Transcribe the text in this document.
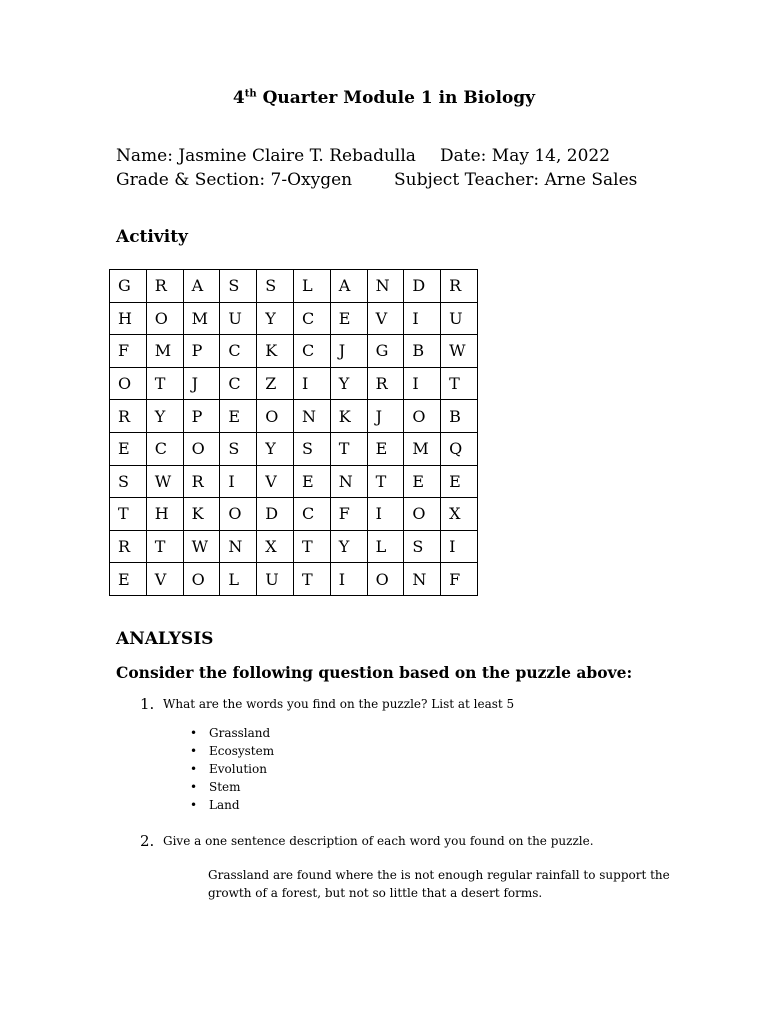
4th Quarter Module 1 in Biology
Name: Jasmine Claire T. Rebadulla Date: May 14, 2022
Grade & Section: 7-Oxygen Subject Teacher: Arne Sales
Activity
G	R	A	S	S	L	A	N	D	R
H	O	M	U	Y	C	E	V	I	U
F	M	P	C	K	C	J	G	B	W
O	T	J	C	Z	I	Y	R	I	T
R	Y	P	E	O	N	K	J	O	B
E	C	O	S	Y	S	T	E	M	Q
S	W	R	I	V	E	N	T	E	E
T	H	K	O	D	C	F	I	O	X
R	T	W	N	X	T	Y	L	S	I
E	V	O	L	U	T	I	O	N	F
ANALYSIS
Consider the following question based on the puzzle above:
1. What are the words you find on the puzzle? List at least 5
• Grassland
• Ecosystem
• Evolution
• Stem
• Land
2. Give a one sentence description of each word you found on the puzzle.
Grassland are found where the is not enough regular rainfall to support the growth of a forest, but not so little that a desert forms.
